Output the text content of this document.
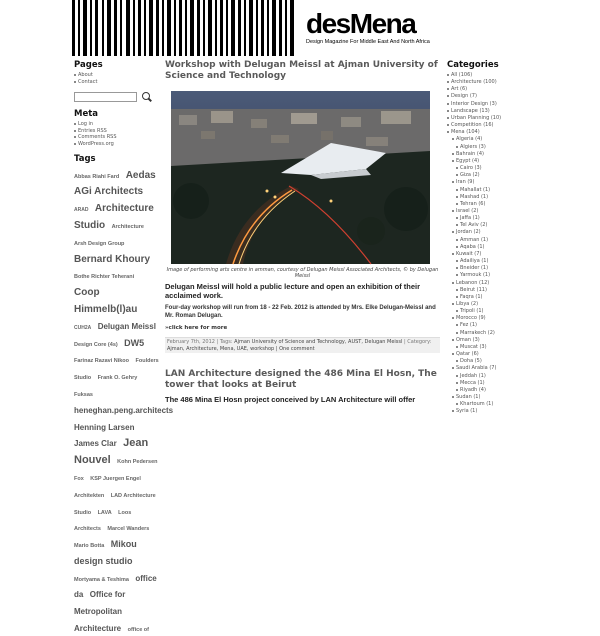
desMena
Design Magazine For Middle East And North Africa
Pages
About
Contact
Meta
Log in
Entries RSS
Comments RSS
WordPress.org
Tags
Abbas Riahi Fard Aedas AGi Architects ARAD Architecture Studio Architecture Arsh Design Group Bernard Khoury Bothe Richter Teherani Coop Himmelb(l)au CUH2A Delugan Meissl Design Core (4s) DW5 Farinaz Razavi Nikoo Foulders Studio Frank O. Gehry Fuksas heneghan.peng.architects Henning Larsen James Clar Jean Nouvel Kohn Pedersen Fox KSP Juergen Engel Architekten LAD Architecture Studio LAVA Loos Architects Marcel Wanders Mario Botta Mikou design studio Mortyama & Teshima office da Office for Metropolitan Architecture office of
Workshop with Delugan Meissl at Ajman University of Science and Technology
Image of performing arts centre in amman, courtesy of Delugan Meissl Associated Architects, © by Delugan Meissl
Delugan Meissl will hold a public lecture and open an exhibition of their acclaimed work.
Four-day workshop will run from 18 - 22 Feb. 2012 is attended by Mrs. Elke Delugan-Meissl and Mr. Roman Delugan.
»click here for more
February 7th, 2012 | Tags: Ajman University of Science and Technology, AUST, Delugan Meissl | Category: Ajman, Architecture, Mena, UAE, workshop | One comment
LAN Architecture designed the 486 Mina El Hosn, The tower that looks at Beirut
The 486 Mina El Hosn project conceived by LAN Architecture will offer
Categories
All (106)
Architecture (100)
Art (6)
Design (7)
Interior Design (3)
Landscape (13)
Urban Planning (10)
Competition (16)
Mena (104)
Algeria (4)
Algiers (3)
Bahrain (4)
Egypt (4)
Cairo (3)
Giza (2)
Iran (9)
Mahallat (1)
Mashad (1)
Tehran (6)
Israel (2)
Jaffa (1)
Tel Aviv (2)
Jordan (2)
Amman (1)
Aqaba (1)
Kuwait (7)
Adailiya (1)
Bneider (1)
Yarmouk (1)
Lebanon (12)
Beirut (11)
Faqra (1)
Libya (2)
Tripoli (1)
Morocco (9)
Fez (1)
Marrakech (2)
Oman (3)
Muscat (3)
Qatar (6)
Doha (5)
Saudi Arabia (7)
Jeddah (1)
Mecca (1)
Riyadh (4)
Sudan (1)
Khartoum (1)
Syria (1)
